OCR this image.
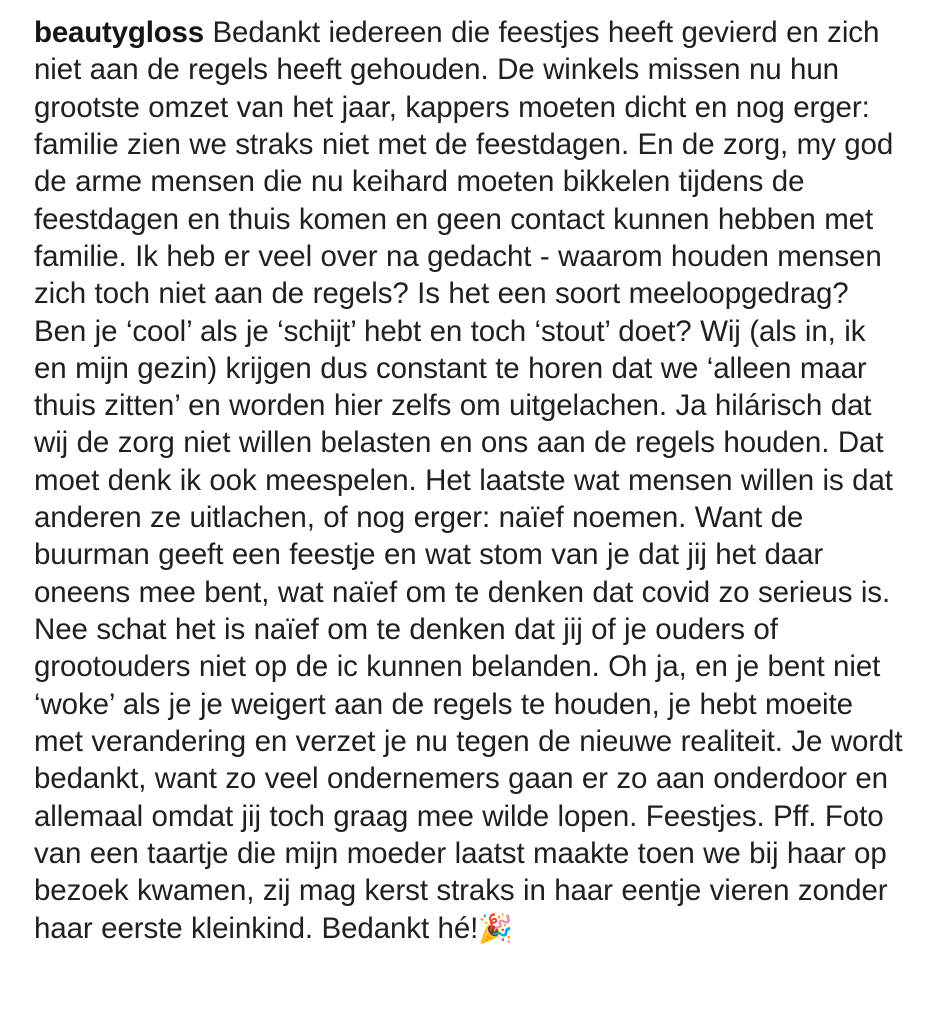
beautygloss Bedankt iedereen die feestjes heeft gevierd en zich niet aan de regels heeft gehouden. De winkels missen nu hun grootste omzet van het jaar, kappers moeten dicht en nog erger: familie zien we straks niet met de feestdagen. En de zorg, my god de arme mensen die nu keihard moeten bikkelen tijdens de feestdagen en thuis komen en geen contact kunnen hebben met familie. Ik heb er veel over na gedacht - waarom houden mensen zich toch niet aan de regels? Is het een soort meeloopgedrag? Ben je ‘cool’ als je ‘schijt’ hebt en toch ‘stout’ doet? Wij (als in, ik en mijn gezin) krijgen dus constant te horen dat we ‘alleen maar thuis zitten’ en worden hier zelfs om uitgelachen. Ja hilárisch dat wij de zorg niet willen belasten en ons aan de regels houden. Dat moet denk ik ook meespelen. Het laatste wat mensen willen is dat anderen ze uitlachen, of nog erger: naïef noemen. Want de buurman geeft een feestje en wat stom van je dat jij het daar oneens mee bent, wat naïef om te denken dat covid zo serieus is. Nee schat het is naïef om te denken dat jij of je ouders of grootouders niet op de ic kunnen belanden. Oh ja, en je bent niet ‘woke’ als je je weigert aan de regels te houden, je hebt moeite met verandering en verzet je nu tegen de nieuwe realiteit. Je wordt bedankt, want zo veel ondernemers gaan er zo aan onderdoor en allemaal omdat jij toch graag mee wilde lopen. Feestjes. Pff. Foto van een taartje die mijn moeder laatst maakte toen we bij haar op bezoek kwamen, zij mag kerst straks in haar eentje vieren zonder haar eerste kleinkind. Bedankt hé!🎉
